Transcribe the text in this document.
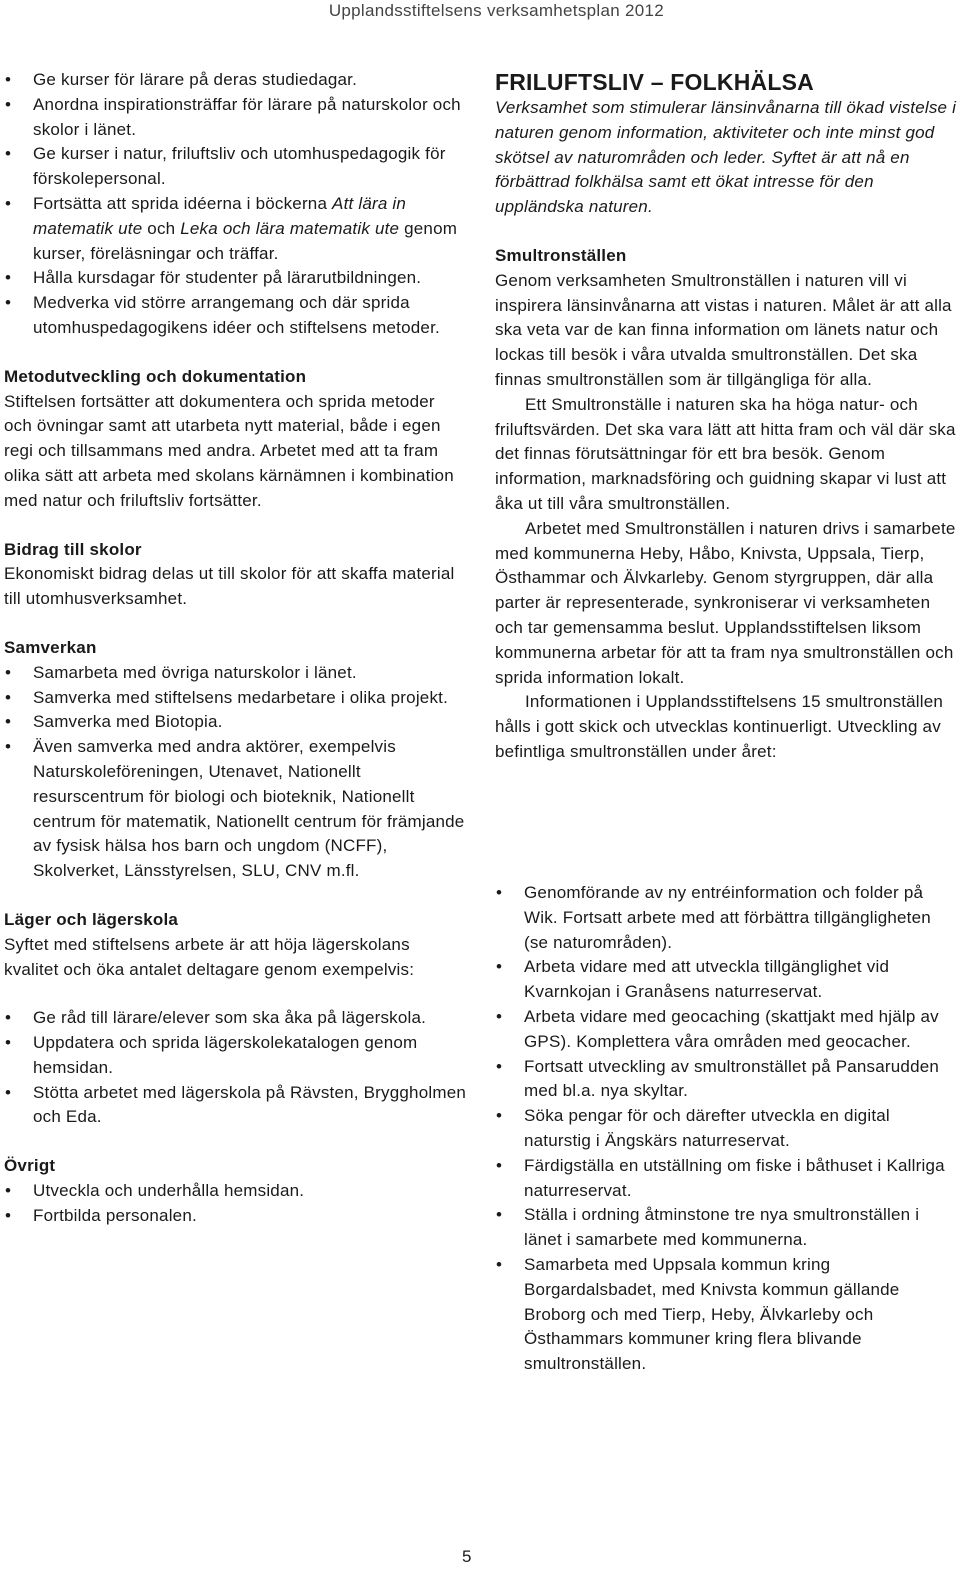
Upplandsstiftelsens verksamhetsplan 2012
• Ge kurser för lärare på deras studiedagar.
• Anordna inspirationsträffar för lärare på naturskolor och skolor i länet.
• Ge kurser i natur, friluftsliv och utomhuspedagogik för förskolepersonal.
• Fortsätta att sprida idéerna i böckerna Att lära in matematik ute och Leka och lära matematik ute genom kurser, föreläsningar och träffar.
• Hålla kursdagar för studenter på lärarutbildningen.
• Medverka vid större arrangemang och där sprida utomhuspedagogikens idéer och stiftelsens metoder.
Metodutveckling och dokumentation

Stiftelsen fortsätter att dokumentera och sprida metoder och övningar samt att utarbeta nytt material, både i egen regi och tillsammans med andra. Arbetet med att ta fram olika sätt att arbeta med skolans kärnämnen i kombination med natur och friluftsliv fortsätter.

Bidrag till skolor

Ekonomiskt bidrag delas ut till skolor för att skaffa material till utomhusverksamhet.

Samverkan
• Samarbeta med övriga naturskolor i länet.
• Samverka med stiftelsens medarbetare i olika projekt.
• Samverka med Biotopia.
• Även samverka med andra aktörer, exempelvis Naturskoleföreningen, Utenavet, Nationellt resurscentrum för biologi och bioteknik, Nationellt centrum för matematik, Nationellt centrum för främjande av fysisk hälsa hos barn och ungdom (NCFF), Skolverket, Länsstyrelsen, SLU, CNV m.fl.
Läger och lägerskola

Syftet med stiftelsens arbete är att höja lägerskolans kvalitet och öka antalet deltagare genom exempelvis:

• Ge råd till lärare/elever som ska åka på lägerskola.
• Uppdatera och sprida lägerskolekatalogen genom hemsidan.
• Stötta arbetet med lägerskola på Rävsten, Bryggholmen och Eda.
Övrigt
• Utveckla och underhålla hemsidan.
• Fortbilda personalen.
FRILUFTSLIV – FOLKHÄLSA

Verksamhet som stimulerar länsinvånarna till ökad vistelse i naturen genom information, aktiviteter och inte minst god skötsel av naturområden och leder. Syftet är att nå en förbättrad folkhälsa samt ett ökat intresse för den uppländska naturen.

Smultronställen

Genom verksamheten Smultronställen i naturen vill vi inspirera länsinvånarna att vistas i naturen. Målet är att alla ska veta var de kan finna information om länets natur och lockas till besök i våra utvalda smultronställen. Det ska finnas smultronställen som är tillgängliga för alla.

Ett Smultronställe i naturen ska ha höga natur- och friluftsvärden. Det ska vara lätt att hitta fram och väl där ska det finnas förutsättningar för ett bra besök. Genom information, marknadsföring och guidning skapar vi lust att åka ut till våra smultronställen.

Arbetet med Smultronställen i naturen drivs i samarbete med kommunerna Heby, Håbo, Knivsta, Uppsala, Tierp, Östhammar och Älvkarleby. Genom styrgruppen, där alla parter är representerade, synkroniserar vi verksamheten och tar gemensamma beslut. Upplandsstiftelsen liksom kommunerna arbetar för att ta fram nya smultronställen och sprida information lokalt.

Informationen i Upplandsstiftelsens 15 smultronställen hålls i gott skick och utvecklas kontinuerligt. Utveckling av befintliga smultronställen under året:

• Genomförande av ny entréinformation och folder på Wik. Fortsatt arbete med att förbättra tillgängligheten (se naturområden).
• Arbeta vidare med att utveckla tillgänglighet vid Kvarnkojan i Granåsens naturreservat.
• Arbeta vidare med geocaching (skattjakt med hjälp av GPS). Komplettera våra områden med geocacher.
• Fortsatt utveckling av smultronstället på Pansarudden med bl.a. nya skyltar.
• Söka pengar för och därefter utveckla en digital naturstig i Ängskärs naturreservat.
• Färdigställa en utställning om fiske i båthuset i Kallriga naturreservat.
• Ställa i ordning åtminstone tre nya smultronställen i länet i samarbete med kommunerna.
• Samarbeta med Uppsala kommun kring Borgardalsbadet, med Knivsta kommun gällande Broborg och med Tierp, Heby, Älvkarleby och Östhammars kommuner kring flera blivande smultronställen.
5
